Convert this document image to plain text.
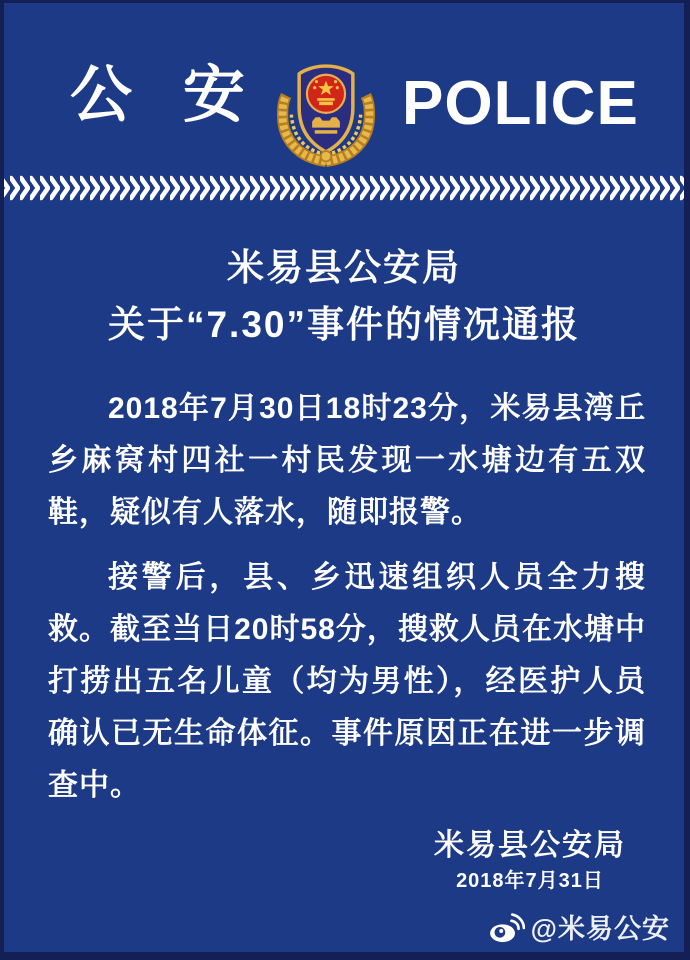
公安 POLICE
米易县公安局
关于“7.30”事件的情况通报

2018年7月30日18时23分，米易县湾丘乡麻窝村四社一村民发现一水塘边有五双鞋，疑似有人落水，随即报警。

接警后，县、乡迅速组织人员全力搜救。截至当日20时58分，搜救人员在水塘中打捞出五名儿童（均为男性），经医护人员确认已无生命体征。事件原因正在进一步调查中。

米易县公安局
2018年7月31日
@米易公安
